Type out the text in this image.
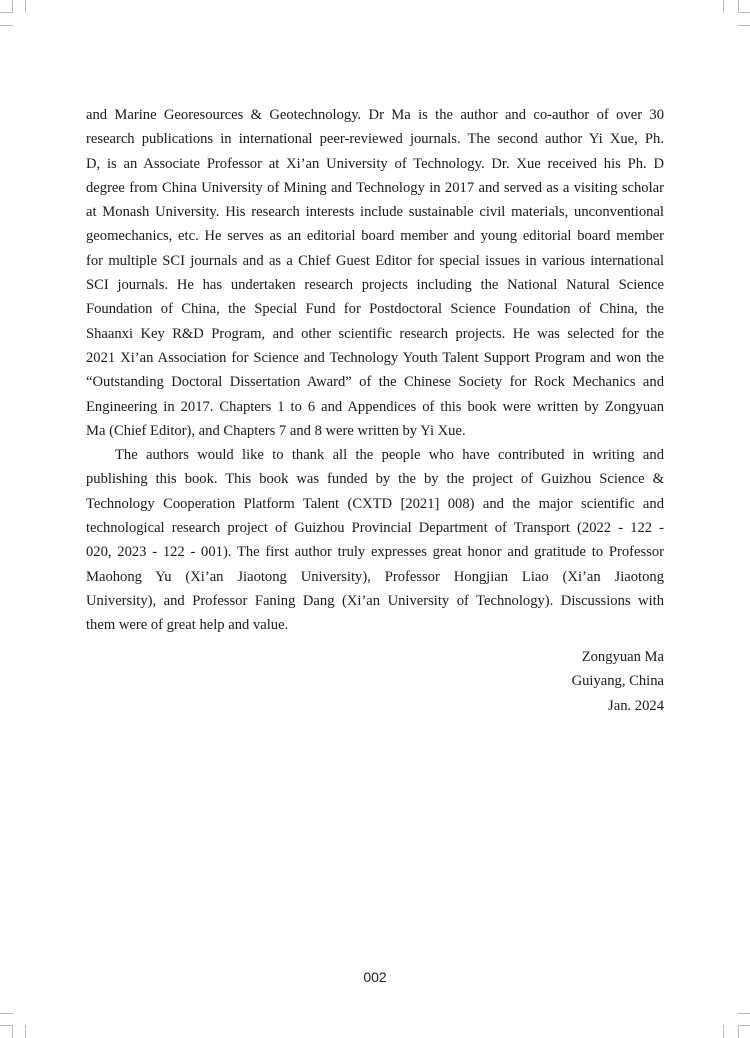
and Marine Georesources & Geotechnology. Dr Ma is the author and co-author of over 30
research publications in international peer-reviewed journals. The second author Yi Xue, Ph.
D, is an Associate Professor at Xi’an University of Technology. Dr. Xue received his Ph. D
degree from China University of Mining and Technology in 2017 and served as a visiting scholar
at Monash University. His research interests include sustainable civil materials, unconventional
geomechanics, etc. He serves as an editorial board member and young editorial board member
for multiple SCI journals and as a Chief Guest Editor for special issues in various international
SCI journals. He has undertaken research projects including the National Natural Science
Foundation of China, the Special Fund for Postdoctoral Science Foundation of China, the
Shaanxi Key R&D Program, and other scientific research projects. He was selected for the
2021 Xi’an Association for Science and Technology Youth Talent Support Program and won the
“Outstanding Doctoral Dissertation Award” of the Chinese Society for Rock Mechanics and
Engineering in 2017. Chapters 1 to 6 and Appendices of this book were written by Zongyuan
Ma (Chief Editor), and Chapters 7 and 8 were written by Yi Xue.

The authors would like to thank all the people who have contributed in writing and
publishing this book. This book was funded by the by the project of Guizhou Science &
Technology Cooperation Platform Talent (CXTD [2021] 008) and the major scientific and
technological research project of Guizhou Provincial Department of Transport (2022 - 122 -
020, 2023 - 122 - 001). The first author truly expresses great honor and gratitude to Professor
Maohong Yu (Xi’an Jiaotong University), Professor Hongjian Liao (Xi’an Jiaotong
University), and Professor Faning Dang (Xi’an University of Technology). Discussions with
them were of great help and value.

Zongyuan Ma
Guiyang, China
Jan. 2024
002
